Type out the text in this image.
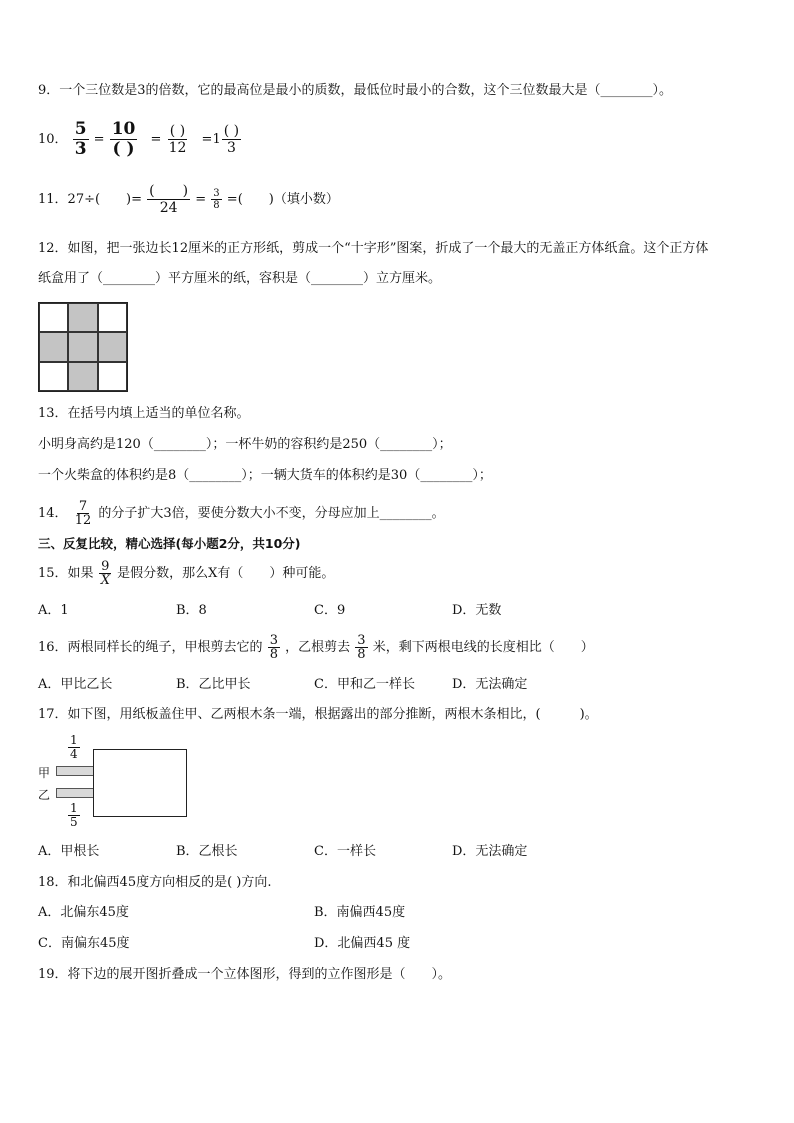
9．一个三位数是3的倍数，它的最高位是最小的质数，最低位时最小的合数，这个三位数最大是（________）。
10． $\frac{5}{3} = \frac{10}{( )} = \frac{( )}{12} =1 \frac{( )}{3}$
11．27÷(　　)= $\frac{( )}{24} = \frac{3}{8}$ =(　　)（填小数）
12．如图，把一张边长12厘米的正方形纸，剪成一个“十字形”图案，折成了一个最大的无盖正方体纸盒。这个正方体
纸盒用了（________）平方厘米的纸，容积是（________）立方厘米。
13．在括号内填上适当的单位名称。
小明身高约是120（________）；一杯牛奶的容积约是250（________）；
一个火柴盒的体积约是8（________）；一辆大货车的体积约是30（________）；
14． $\frac{7}{12}$ 的分子扩大3倍，要使分数大小不变，分母应加上________。
三、反复比较，精心选择(每小题2分，共10分)
15．如果 $\frac{9}{X}$ 是假分数，那么X有（　　）种可能。
A．1	B．8	C．9	D．无数
16．两根同样长的绳子，甲根剪去它的 $\frac{3}{8}$ ，乙根剪去 $\frac{3}{8}$ 米，剩下两根电线的长度相比（　　）
A．甲比乙长	B．乙比甲长	C．甲和乙一样长	D．无法确定
17．如下图，用纸板盖住甲、乙两根木条一端，根据露出的部分推断，两根木条相比，(　　　)。
$\frac{1}{4}$
甲
乙
$\frac{1}{5}$
A．甲根长	B．乙根长	C．一样长	D．无法确定
18．和北偏西45度方向相反的是( )方向.
A．北偏东45度	B．南偏西45度
C．南偏东45度	D．北偏西45 度
19．将下边的展开图折叠成一个立体图形，得到的立作图形是（　　）。
